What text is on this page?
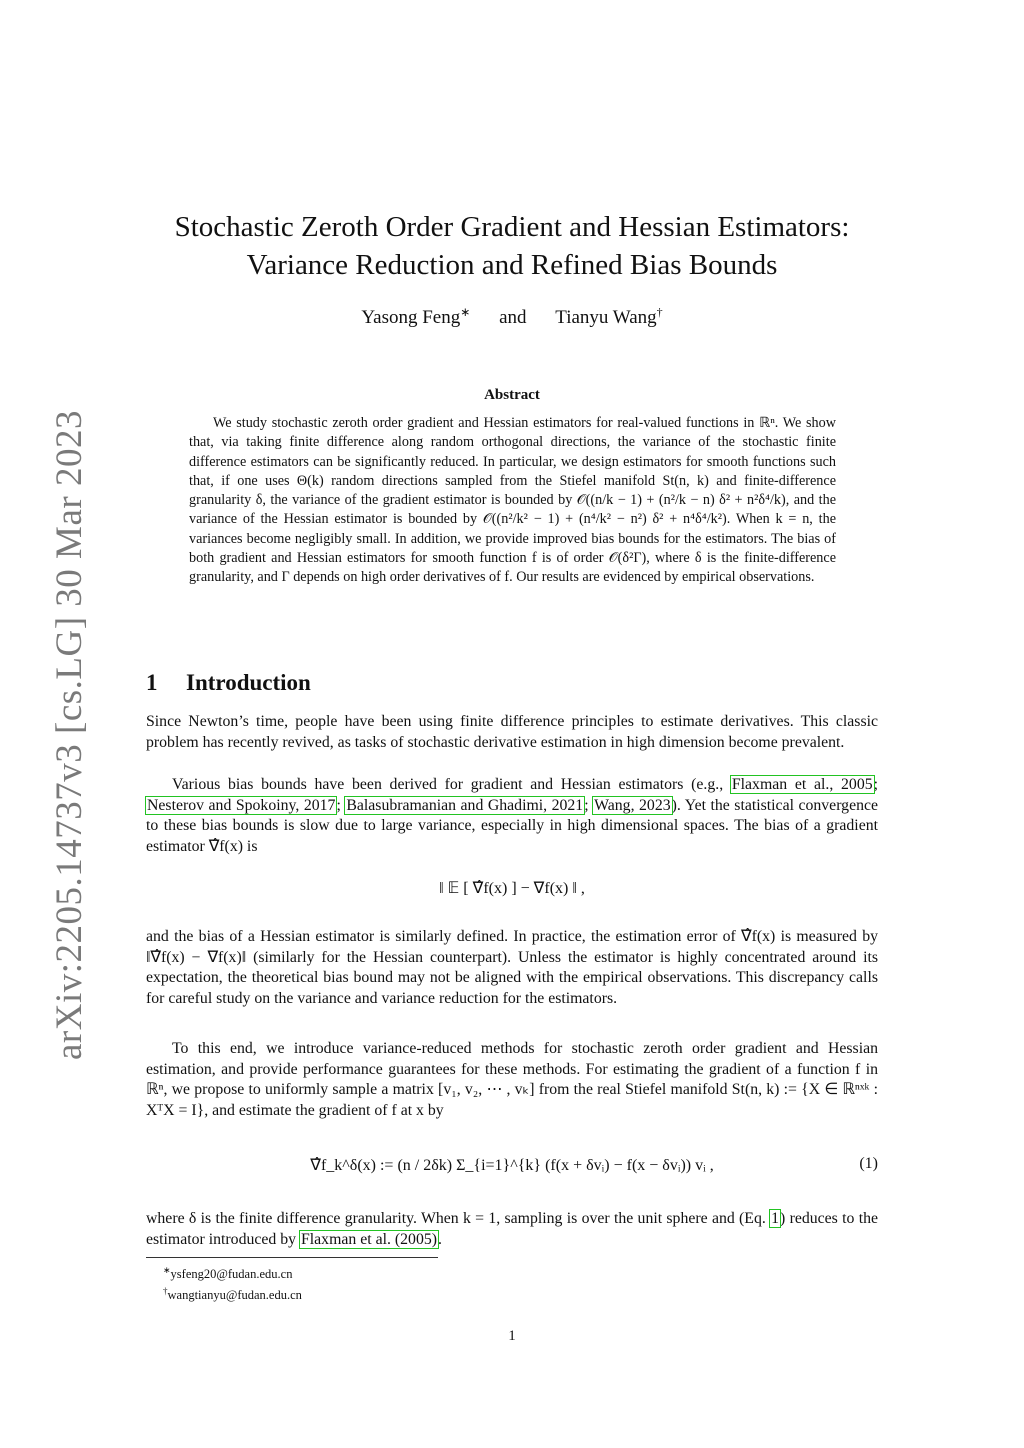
arXiv:2205.14737v3 [cs.LG] 30 Mar 2023
Stochastic Zeroth Order Gradient and Hessian Estimators:
Variance Reduction and Refined Bias Bounds
Yasong Feng∗ and Tianyu Wang†
Abstract
We study stochastic zeroth order gradient and Hessian estimators for real-valued functions in ℝⁿ. We show that, via taking finite difference along random orthogonal directions, the variance of the stochastic finite difference estimators can be significantly reduced. In particular, we design estimators for smooth functions such that, if one uses Θ(k) random directions sampled from the Stiefel manifold St(n, k) and finite-difference granularity δ, the variance of the gradient estimator is bounded by 𝒪((n/k − 1) + (n²/k − n) δ² + n²δ⁴/k), and the variance of the Hessian estimator is bounded by 𝒪((n²/k² − 1) + (n⁴/k² − n²) δ² + n⁴δ⁴/k²). When k = n, the variances become negligibly small. In addition, we provide improved bias bounds for the estimators. The bias of both gradient and Hessian estimators for smooth function f is of order 𝒪(δ²Γ), where δ is the finite-difference granularity, and Γ depends on high order derivatives of f. Our results are evidenced by empirical observations.
1 Introduction

Since Newton’s time, people have been using finite difference principles to estimate derivatives. This classic problem has recently revived, as tasks of stochastic derivative estimation in high dimension become prevalent.

Various bias bounds have been derived for gradient and Hessian estimators (e.g., Flaxman et al., 2005; Nesterov and Spokoiny, 2017; Balasubramanian and Ghadimi, 2021; Wang, 2023). Yet the statistical convergence to these bias bounds is slow due to large variance, especially in high dimensional spaces. The bias of a gradient estimator ∇̂f(x) is

‖ 𝔼 [ ∇̂f(x) ] − ∇f(x) ‖ ,

and the bias of a Hessian estimator is similarly defined. In practice, the estimation error of ∇̂f(x) is measured by ‖∇̂f(x) − ∇f(x)‖ (similarly for the Hessian counterpart). Unless the estimator is highly concentrated around its expectation, the theoretical bias bound may not be aligned with the empirical observations. This discrepancy calls for careful study on the variance and variance reduction for the estimators.

To this end, we introduce variance-reduced methods for stochastic zeroth order gradient and Hessian estimation, and provide performance guarantees for these methods. For estimating the gradient of a function f in ℝⁿ, we propose to uniformly sample a matrix [v₁, v₂, ⋯ , vₖ] from the real Stiefel manifold St(n, k) := {X ∈ ℝⁿˣᵏ : XᵀX = I}, and estimate the gradient of f at x by

∇̂f_k^δ(x) := (n / 2δk) Σ_{i=1}^{k} (f(x + δvᵢ) − f(x − δvᵢ)) vᵢ ,	(1)

where δ is the finite difference granularity. When k = 1, sampling is over the unit sphere and (Eq. 1) reduces to the estimator introduced by Flaxman et al. (2005).

∗ysfeng20@fudan.edu.cn
†wangtianyu@fudan.edu.cn
1
